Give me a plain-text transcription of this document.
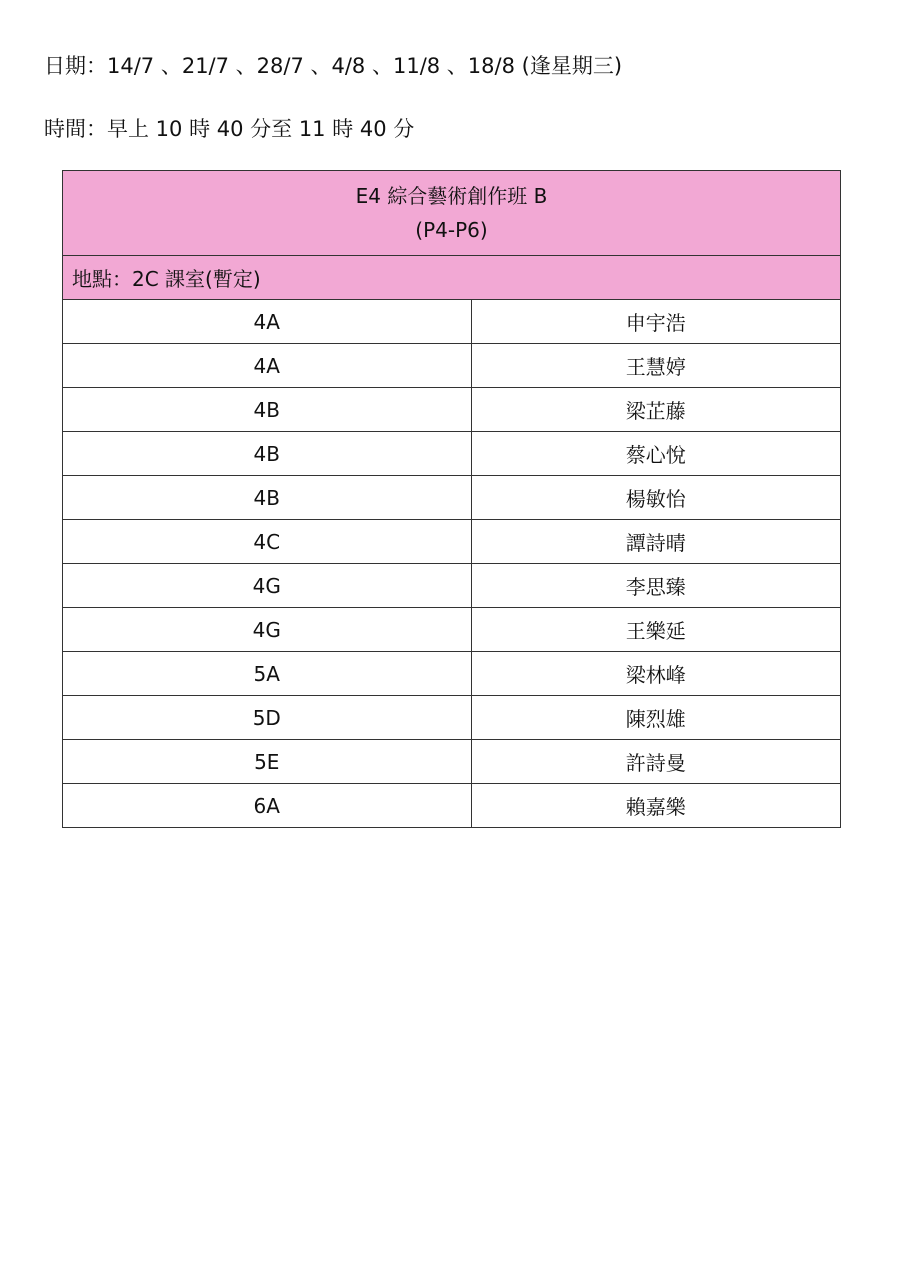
日期：14/7 、21/7 、28/7 、4/8 、11/8 、18/8 (逢星期三)
時間：早上 10 時 40 分至 11 時 40 分
E4 綜合藝術創作班 B
(P4-P6)	

地點：2C 課室(暫定)	
4A	申宇浩
4A	王慧婷
4B	梁芷藤
4B	蔡心悅
4B	楊敏怡
4C	譚詩晴
4G	李思臻
4G	王樂延
5A	梁林峰
5D	陳烈雄
5E	許詩曼
6A	賴嘉樂
